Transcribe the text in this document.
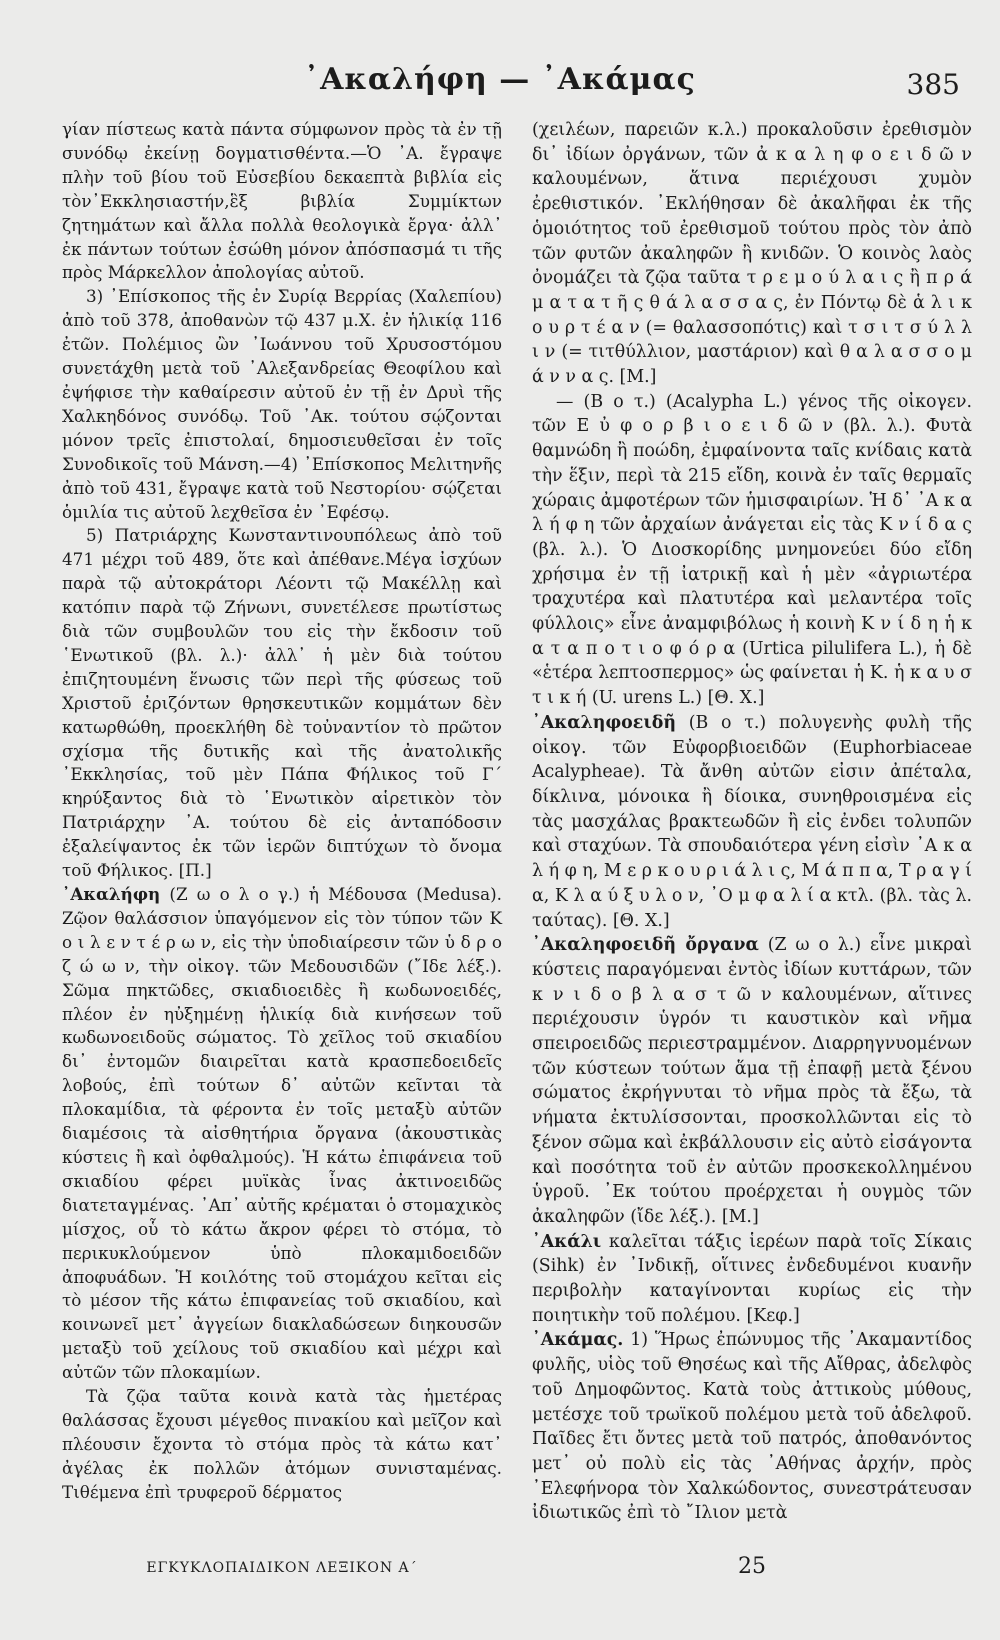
᾿Ακαλήφη — ᾿Ακάμας	385

γίαν πίστεως κατὰ πάντα σύμφωνον πρὸς τὰ ἐν τῇ συνόδῳ ἐκείνῃ δογματισθέντα.—Ὁ ᾿Α. ἔγραψε πλὴν τοῦ βίου τοῦ Εὐσεβίου δεκαεπτὰ βιβλία εἰς τὸν᾿Εκκλησιαστήν,ἓξ βιβλία Συμμίκτων ζητημάτων καὶ ἄλλα πολλὰ θεολογικὰ ἔργα· ἀλλ᾿ ἐκ πάντων τούτων ἐσώθη μόνον ἀπόσπασμά τι τῆς πρὸς Μάρκελλον ἀπολογίας αὐτοῦ.

3) ᾿Επίσκοπος τῆς ἐν Συρίᾳ Βερρίας (Χαλεπίου) ἀπὸ τοῦ 378, ἀποθανὼν τῷ 437 μ.Χ. ἐν ἡλικίᾳ 116 ἐτῶν. Πολέμιος ὢν ᾿Ιωάννου τοῦ Χρυσοστόμου συνετάχθη μετὰ τοῦ ᾿Αλεξανδρείας Θεοφίλου καὶ ἐψήφισε τὴν καθαίρεσιν αὐτοῦ ἐν τῇ ἐν Δρυὶ τῆς Χαλκηδόνος συνόδῳ. Τοῦ ᾿Ακ. τούτου σῴζονται μόνον τρεῖς ἐπιστολαί, δημοσιευθεῖσαι ἐν τοῖς Συνοδικοῖς τοῦ Μάνση.—4) ᾿Επίσκοπος Μελιτηνῆς ἀπὸ τοῦ 431, ἔγραψε κατὰ τοῦ Νεστορίου· σῴζεται ὁμιλία τις αὐτοῦ λεχθεῖσα ἐν ᾿Εφέσῳ.

5) Πατριάρχης Κωνσταντινουπόλεως ἀπὸ τοῦ 471 μέχρι τοῦ 489, ὅτε καὶ ἀπέθανε.Μέγα ἰσχύων παρὰ τῷ αὐτοκράτορι Λέοντι τῷ Μακέλλῃ καὶ κατόπιν παρὰ τῷ Ζήνωνι, συνετέλεσε πρωτίστως διὰ τῶν συμβουλῶν του εἰς τὴν ἔκδοσιν τοῦ ῾Ενωτικοῦ (βλ. λ.)· ἀλλ᾿ ἡ μὲν διὰ τούτου ἐπιζητουμένη ἕνωσις τῶν περὶ τῆς φύσεως τοῦ Χριστοῦ ἐριζόντων θρησκευτικῶν κομμάτων δὲν κατωρθώθη, προεκλήθη δὲ τοὐναντίον τὸ πρῶτον σχίσμα τῆς δυτικῆς καὶ τῆς ἀνατολικῆς ᾿Εκκλησίας, τοῦ μὲν Πάπα Φήλικος τοῦ Γ΄ κηρύξαντος διὰ τὸ ῾Ενωτικὸν αἱρετικὸν τὸν Πατριάρχην ᾿Α. τούτου δὲ εἰς ἀνταπόδοσιν ἐξαλείψαντος ἐκ τῶν ἱερῶν διπτύχων τὸ ὄνομα τοῦ Φήλικος. [Π.]

᾿Ακαλήφη (Ζ ω ο λ ο γ.) ἡ Μέδουσα (Medusa). Ζῷον θαλάσσιον ὑπαγόμενον εἰς τὸν τύπον τῶν Κ ο ι λ ε ν τ έ ρ ω ν, εἰς τὴν ὑποδιαίρεσιν τῶν ὑ δ ρ ο ζ ώ ω ν, τὴν οἰκογ. τῶν Μεδουσιδῶν (῎Ιδε λέξ.). Σῶμα πηκτῶδες, σκιαδιοειδὲς ἢ κωδωνοειδές, πλέον ἐν ηὐξημένῃ ἡλικίᾳ διὰ κινήσεων τοῦ κωδωνοειδοῦς σώματος. Τὸ χεῖλος τοῦ σκιαδίου δι᾿ ἐντομῶν διαιρεῖται κατὰ κρασπεδοειδεῖς λοβούς, ἐπὶ τούτων δ᾿ αὐτῶν κεῖνται τὰ πλοκαμίδια, τὰ φέροντα ἐν τοῖς μεταξὺ αὐτῶν διαμέσοις τὰ αἰσθητήρια ὄργανα (ἀκουστικὰς κύστεις ἢ καὶ ὀφθαλμούς). Ἡ κάτω ἐπιφάνεια τοῦ σκιαδίου φέρει μυϊκὰς ἶνας ἀκτινοειδῶς διατεταγμένας. ᾿Απ᾿ αὐτῆς κρέμαται ὁ στομαχικὸς μίσχος, οὗ τὸ κάτω ἄκρον φέρει τὸ στόμα, τὸ περικυκλούμενον ὑπὸ πλοκαμιδοειδῶν ἀποφυάδων. Ἡ κοιλότης τοῦ στομάχου κεῖται εἰς τὸ μέσον τῆς κάτω ἐπιφανείας τοῦ σκιαδίου, καὶ κοινωνεῖ μετ᾿ ἀγγείων διακλαδώσεων διηκουσῶν μεταξὺ τοῦ χείλους τοῦ σκιαδίου καὶ μέχρι καὶ αὐτῶν τῶν πλοκαμίων.

Τὰ ζῷα ταῦτα κοινὰ κατὰ τὰς ἡμετέρας θαλάσσας ἔχουσι μέγεθος πινακίου καὶ μεῖζον καὶ πλέουσιν ἔχοντα τὸ στόμα πρὸς τὰ κάτω κατ᾿ ἀγέλας ἐκ πολλῶν ἀτόμων συνισταμένας. Τιθέμενα ἐπὶ τρυφεροῦ δέρματος

(χειλέων, παρειῶν κ.λ.) προκαλοῦσιν ἐρεθισμὸν δι᾿ ἰδίων ὀργάνων, τῶν ἀ κ α λ η φ ο ε ι δ ῶ ν καλουμένων, ἅτινα περιέχουσι χυμὸν ἐρεθιστικόν. ᾿Εκλήθησαν δὲ ἀκαλῆφαι ἐκ τῆς ὁμοιότητος τοῦ ἐρεθισμοῦ τούτου πρὸς τὸν ἀπὸ τῶν φυτῶν ἀκαληφῶν ἢ κνιδῶν. Ὁ κοινὸς λαὸς ὀνομάζει τὰ ζῷα ταῦτα τ ρ ε μ ο ύ λ α ι ς ἢ π ρ ά μ α τ α τ ῆ ς θ ά λ α σ σ α ς, ἐν Πόντῳ δὲ ἁ λ ι κ ο υ ρ τ έ α ν (= θαλασσοπότις) καὶ τ σ ι τ σ ύ λ λ ι ν (= τιτθύλλιον, μαστάριον) καὶ θ α λ α σ σ ο μ ά ν ν α ς. [Μ.]

— (Β ο τ.) (Acalypha L.) γένος τῆς οἰκογεν. τῶν Ε ὐ φ ο ρ β ι ο ε ι δ ῶ ν (βλ. λ.). Φυτὰ θαμνώδη ἢ ποώδη, ἐμφαίνοντα ταῖς κνίδαις κατὰ τὴν ἕξιν, περὶ τὰ 215 εἴδη, κοινὰ ἐν ταῖς θερμαῖς χώραις ἀμφοτέρων τῶν ἡμισφαιρίων. Ἡ δ᾿ ᾿Α κ α λ ή φ η τῶν ἀρχαίων ἀνάγεται εἰς τὰς Κ ν ί δ α ς (βλ. λ.). Ὁ Διοσκορίδης μνημονεύει δύο εἴδη χρήσιμα ἐν τῇ ἰατρικῇ καὶ ἡ μὲν «ἀγριωτέρα τραχυτέρα καὶ πλατυτέρα καὶ μελαντέρα τοῖς φύλλοις» εἶνε ἀναμφιβόλως ἡ κοινὴ Κ ν ί δ η ἡ κ α τ α π ο τ ι ο φ ό ρ α (Urtica pilulifera L.), ἡ δὲ «ἑτέρα λεπτοσπερμος» ὡς φαίνεται ἡ Κ. ἡ κ α υ σ τ ι κ ή (U. urens L.) [Θ. Χ.]

᾿Ακαληφοειδῆ (Β ο τ.) πολυγενὴς φυλὴ τῆς οἰκογ. τῶν Εὐφορβιοειδῶν (Euphorbiaceae Acalypheae). Τὰ ἄνθη αὐτῶν εἰσιν ἀπέταλα, δίκλινα, μόνοικα ἢ δίοικα, συνηθροισμένα εἰς τὰς μασχάλας βρακτεωδῶν ἢ εἰς ἐνδει τολυπῶν καὶ σταχύων. Τὰ σπουδαιότερα γένη εἰσὶν ᾿Α κ α λ ή φ η, Μ ε ρ κ ο υ ρ ι ά λ ι ς, Μ ά π π α, Τ ρ α γ ί α, Κ λ α ύ ξ υ λ ο ν, ᾿Ο μ φ α λ ί α κτλ. (βλ. τὰς λ. ταύτας). [Θ. Χ.]

᾿Ακαληφοειδῆ ὄργανα (Ζ ω ο λ.) εἶνε μικραὶ κύστεις παραγόμεναι ἐντὸς ἰδίων κυττάρων, τῶν κ ν ι δ ο β λ α σ τ ῶ ν καλουμένων, αἵτινες περιέχουσιν ὑγρόν τι καυστικὸν καὶ νῆμα σπειροειδῶς περιεστραμμένον. Διαρρηγνυομένων τῶν κύστεων τούτων ἅμα τῇ ἐπαφῇ μετὰ ξένου σώματος ἐκρήγνυται τὸ νῆμα πρὸς τὰ ἔξω, τὰ νήματα ἐκτυλίσσονται, προσκολλῶνται εἰς τὸ ξένον σῶμα καὶ ἐκβάλλουσιν εἰς αὐτὸ εἰσάγοντα καὶ ποσότητα τοῦ ἐν αὐτῶν προσκεκολλημένου ὑγροῦ. ᾿Εκ τούτου προέρχεται ἡ ουγμὸς τῶν ἀκαληφῶν (ἴδε λέξ.). [Μ.]

᾿Ακάλι καλεῖται τάξις ἱερέων παρὰ τοῖς Σίκαις (Sihk) ἐν ᾿Ινδικῇ, οἵτινες ἐνδεδυμένοι κυανῆν περιβολὴν καταγίνονται κυρίως εἰς τὴν ποιητικὴν τοῦ πολέμου. [Κεφ.]

᾿Ακάμας. 1) Ἥρως ἐπώνυμος τῆς ᾿Ακαμαντίδος φυλῆς, υἱὸς τοῦ Θησέως καὶ τῆς Αἴθρας, ἀδελφὸς τοῦ Δημοφῶντος. Κατὰ τοὺς ἀττικοὺς μύθους, μετέσχε τοῦ τρωϊκοῦ πολέμου μετὰ τοῦ ἀδελφοῦ. Παῖδες ἔτι ὄντες μετὰ τοῦ πατρός, ἀποθανόντος μετ᾿ οὐ πολὺ εἰς τὰς ᾿Αθήνας ἀρχήν, πρὸς ᾿Ελεφήνορα τὸν Χαλκώδοντος, συνεστράτευσαν ἰδιωτικῶς ἐπὶ τὸ ῎Ιλιον μετὰ

ΕΓΚΥΚΛΟΠΑΙΔΙΚΟΝ ΛΕΞΙΚΟΝ Α΄	25
